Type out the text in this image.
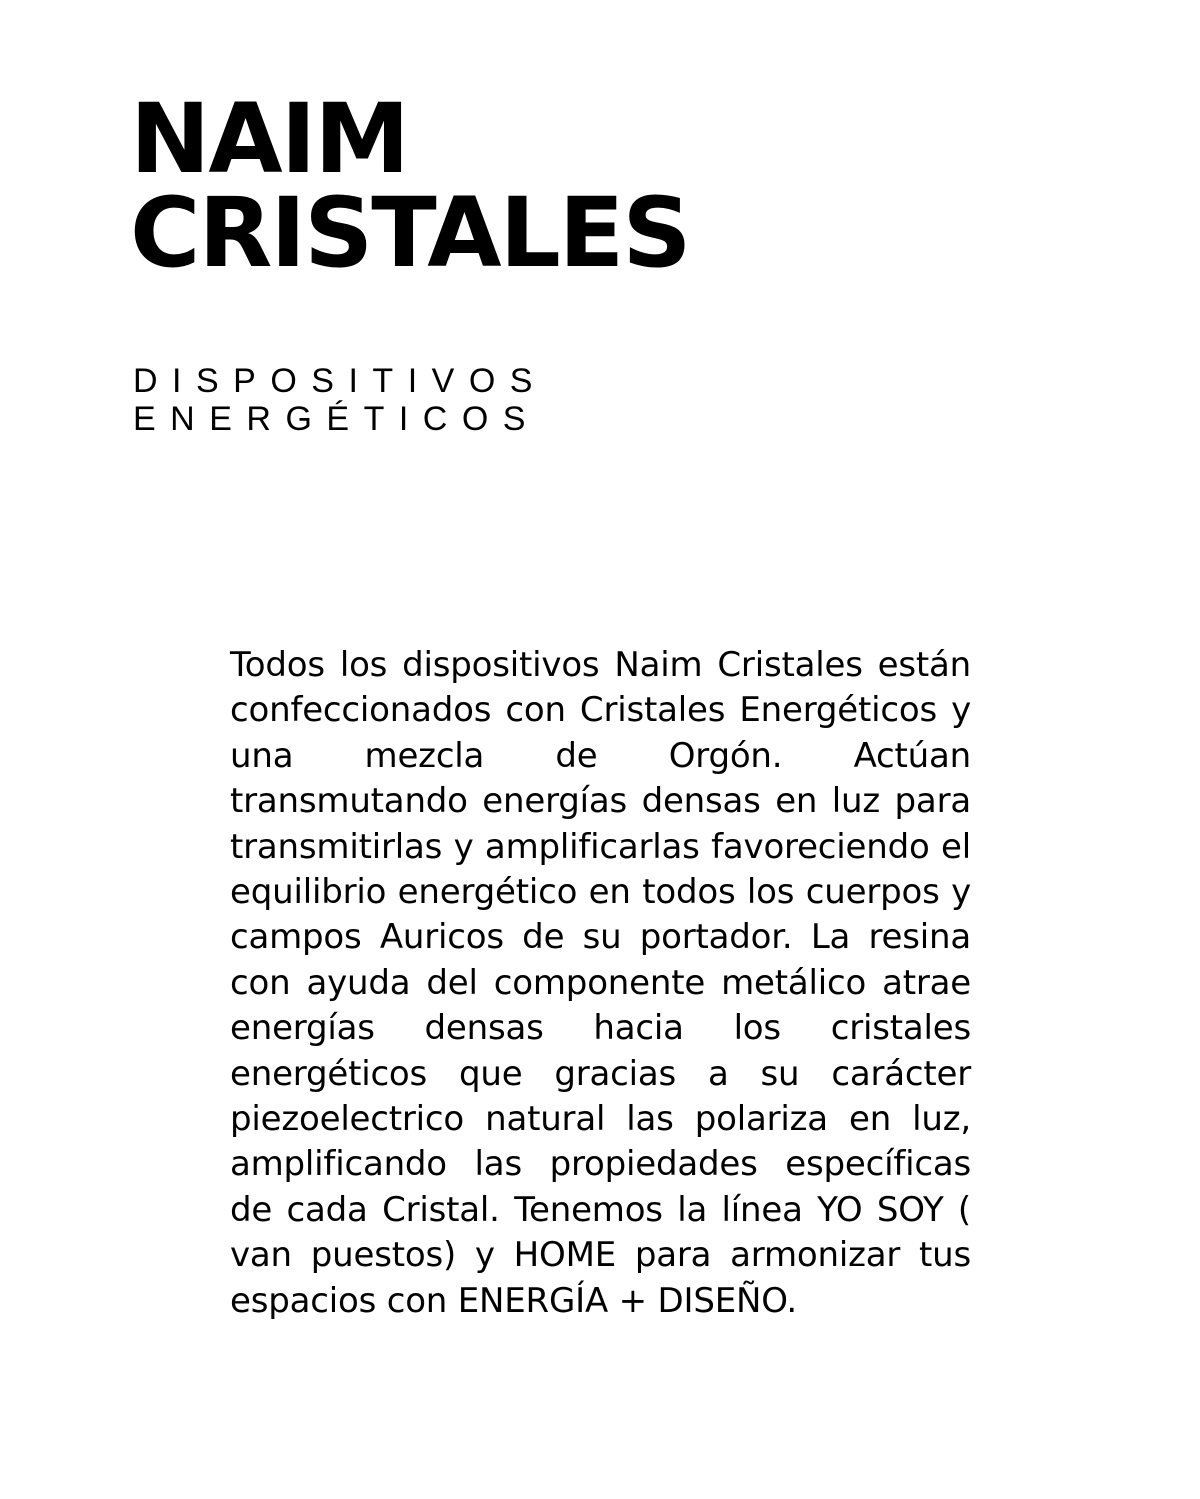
NAIM
CRISTALES
DISPOSITIVOS
ENERGÉTICOS

Todos los dispositivos Naim Cristales están confeccionados con Cristales Energéticos y una mezcla de Orgón. Actúan transmutando energías densas en luz para transmitirlas y amplificarlas favoreciendo el equilibrio energético en todos los cuerpos y campos Auricos de su portador. La resina con ayuda del componente metálico atrae energías densas hacia los cristales energéticos que gracias a su carácter piezoelectrico natural las polariza en luz, amplificando las propiedades específicas de cada Cristal. Tenemos la línea YO SOY ( van puestos) y HOME para armonizar tus espacios con ENERGÍA + DISEÑO.
